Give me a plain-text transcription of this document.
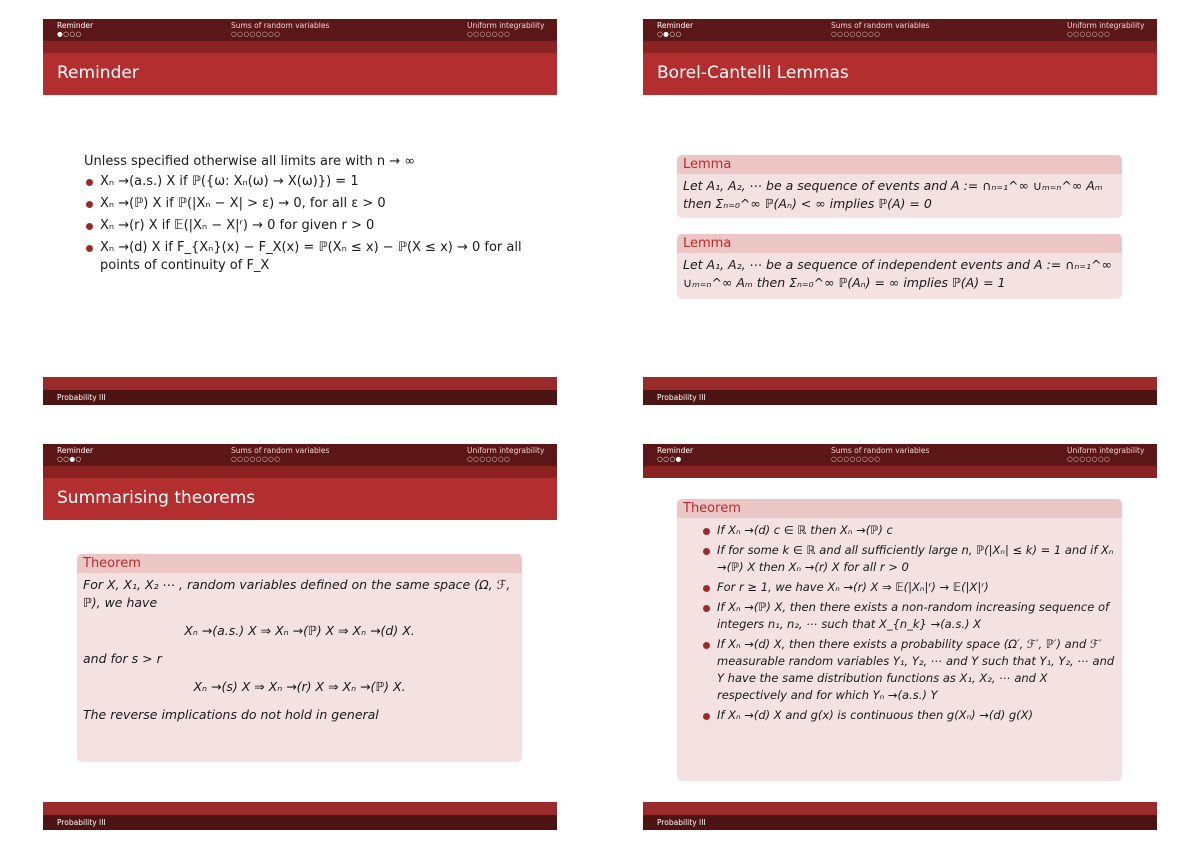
Reminder
●○○○
Sums of random variables
○○○○○○○○
Uniform integrability
○○○○○○○
Reminder
Unless specified otherwise all limits are with n → ∞
Xₙ →(a.s.) X if ℙ({ω: Xₙ(ω) → X(ω)}) = 1
Xₙ →(ℙ) X if ℙ(|Xₙ − X| > ε) → 0, for all ε > 0
Xₙ →(r) X if 𝔼(|Xₙ − X|ʳ) → 0 for given r > 0
Xₙ →(d) X if F_{Xₙ}(x) − F_X(x) = ℙ(Xₙ ≤ x) − ℙ(X ≤ x) → 0 for all points of continuity of F_X
Probability III
Reminder
○●○○
Sums of random variables
○○○○○○○○
Uniform integrability
○○○○○○○
Borel-Cantelli Lemmas
Lemma
Let A₁, A₂, ⋯ be a sequence of events and A := ∩ₙ₌₁^∞ ∪ₘ₌ₙ^∞ Aₘ then Σₙ₌₀^∞ ℙ(Aₙ) < ∞ implies ℙ(A) = 0
Lemma
Let A₁, A₂, ⋯ be a sequence of independent events and A := ∩ₙ₌₁^∞ ∪ₘ₌ₙ^∞ Aₘ then Σₙ₌₀^∞ ℙ(Aₙ) = ∞ implies ℙ(A) = 1
Probability III
Reminder
○○●○
Sums of random variables
○○○○○○○○
Uniform integrability
○○○○○○○
Summarising theorems
Theorem
For X, X₁, X₂ ⋯ , random variables defined on the same space (Ω, ℱ, ℙ), we have
Xₙ →(a.s.) X ⇒ Xₙ →(ℙ) X ⇒ Xₙ →(d) X.
and for s > r
Xₙ →(s) X ⇒ Xₙ →(r) X ⇒ Xₙ →(ℙ) X.
The reverse implications do not hold in general
Probability III
Reminder
○○○●
Sums of random variables
○○○○○○○○
Uniform integrability
○○○○○○○
Theorem
If Xₙ →(d) c ∈ ℝ then Xₙ →(ℙ) c
If for some k ∈ ℝ and all sufficiently large n, ℙ(|Xₙ| ≤ k) = 1 and if Xₙ →(ℙ) X then Xₙ →(r) X for all r > 0
For r ≥ 1, we have Xₙ →(r) X ⇒ 𝔼(|Xₙ|ʳ) → 𝔼(|X|ʳ)
If Xₙ →(ℙ) X, then there exists a non-random increasing sequence of integers n₁, n₂, ⋯ such that X_{n_k} →(a.s.) X
If Xₙ →(d) X, then there exists a probability space (Ω′, ℱ′, ℙ′) and ℱ′ measurable random variables Y₁, Y₂, ⋯ and Y such that Y₁, Y₂, ⋯ and Y have the same distribution functions as X₁, X₂, ⋯ and X respectively and for which Yₙ →(a.s.) Y
If Xₙ →(d) X and g(x) is continuous then g(Xₙ) →(d) g(X)
Probability III
